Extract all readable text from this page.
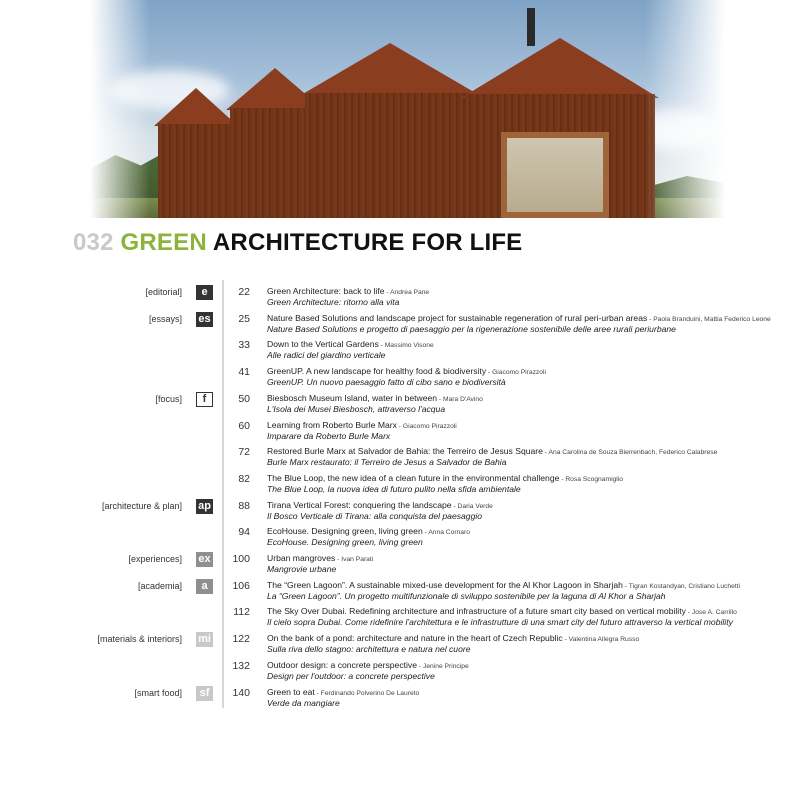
032 GREEN ARCHITECTURE FOR LIFE
[editorial]	e	22 Green Architecture: back to life - Andrea Pane
Green Architecture: ritorno alla vita
[essays] es	25 Nature Based Solutions and landscape project for sustainable regeneration of rural peri-urban areas - Paola Branduini, Mattia Federico Leone
Nature Based Solutions e progetto di paesaggio per la rigenerazione sostenibile delle aree rurali periurbane
33 Down to the Vertical Gardens - Massimo Visone
Alle radici del giardino verticale
41 GreenUP. A new landscape for healthy food & biodiversity - Giacomo Pirazzoli
GreenUP. Un nuovo paesaggio fatto di cibo sano e biodiversità
[focus]	f	50 Biesbosch Museum Island, water in between - Mara D'Avino
L'Isola dei Musei Biesbosch, attraverso l'acqua
60 Learning from Roberto Burle Marx - Giacomo Pirazzoli
Imparare da Roberto Burle Marx
72 Restored Burle Marx at Salvador de Bahia: the Terreiro de Jesus Square - Ana Carolina de Souza Bierrenbach, Federico Calabrese
Burle Marx restaurato: il Terreiro de Jesus a Salvador de Bahia
82 The Blue Loop, the new idea of a clean future in the environmental challenge - Rosa Scognamiglio
The Blue Loop, la nuova idea di futuro pulito nella sfida ambientale
[architecture & plan] ap	88 Tirana Vertical Forest: conquering the landscape - Daria Verde
Il Bosco Verticale di Tirana: alla conquista del paesaggio
94 EcoHouse. Designing green, living green - Anna Cornaro
EcoHouse. Designing green, living green
[experiences] ex 100 Urban mangroves - Ivan Parati
Mangrovie urbane
[academia]	a	106 The “Green Lagoon”. A sustainable mixed-use development for the Al Khor Lagoon in Sharjah - Tigran Kostandyan, Cristiano Luchetti
La “Green Lagoon”. Un progetto multifunzionale di sviluppo sostenibile per la laguna di Al Khor a Sharjah
112 The Sky Over Dubai. Redefining architecture and infrastructure of a future smart city based on vertical mobility - Jose A. Carrillo
Il cielo sopra Dubai. Come ridefinire l'architettura e le infrastrutture di una smart city del futuro attraverso la vertical mobility
[materials & interiors] mi 122 On the bank of a pond: architecture and nature in the heart of Czech Republic - Valentina Allegra Russo
Sulla riva dello stagno: architettura e natura nel cuore
132 Outdoor design: a concrete perspective - Jenine Principe
Design per l'outdoor: a concrete perspective
[smart food]	sf	140 Green to eat - Ferdinando Polverino De Laureto
Verde da mangiare
